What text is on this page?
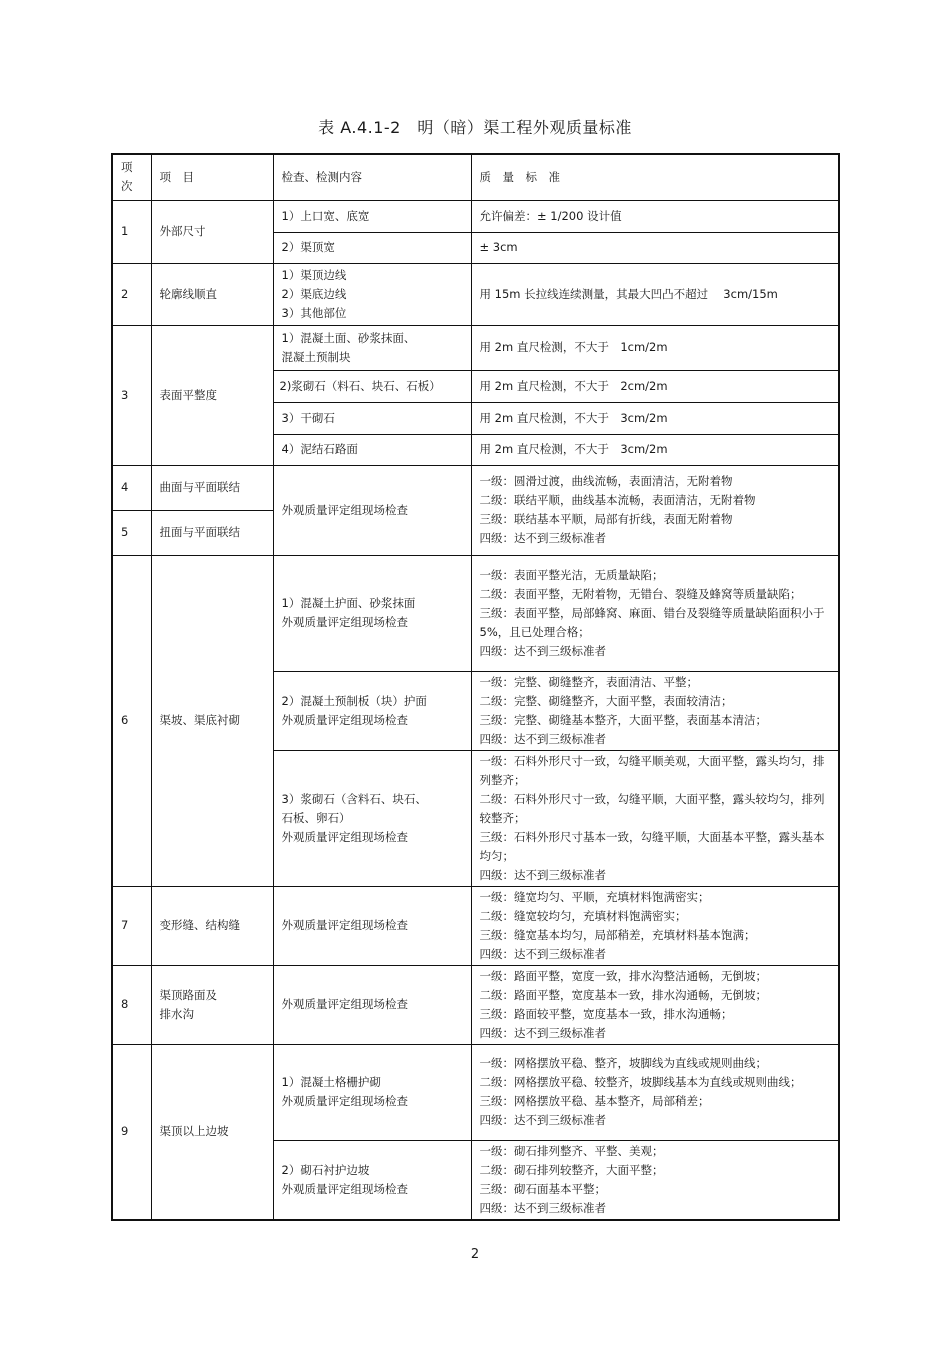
表 A.4.1-2　明（暗）渠工程外观质量标准
项
次	项　目	检查、检测内容	质　量　标　准
1	外部尺寸	1）上口宽、底宽	允许偏差：± 1/200 设计值
		2）渠顶宽	± 3cm
2	轮廓线顺直	1）渠顶边线
2）渠底边线
3）其他部位	用 15m 长拉线连续测量，其最大凹凸不超过　 3cm/15m
3	表面平整度	1）混凝土面、砂浆抹面、
混凝土预制块	用 2m 直尺检测，不大于　1cm/2m
		2)浆砌石（料石、块石、石板）	用 2m 直尺检测，不大于　2cm/2m
		3）干砌石	用 2m 直尺检测，不大于　3cm/2m
		4）泥结石路面	用 2m 直尺检测，不大于　3cm/2m
4	曲面与平面联结	外观质量评定组现场检查	一级：圆滑过渡，曲线流畅，表面清洁，无附着物
二级：联结平顺，曲线基本流畅，表面清洁，无附着物
三级：联结基本平顺，局部有折线，表面无附着物
四级：达不到三级标准者
5	扭面与平面联结		
6	渠坡、渠底衬砌	1）混凝土护面、砂浆抹面
外观质量评定组现场检查	一级：表面平整光洁，无质量缺陷；
二级：表面平整，无附着物，无错台、裂缝及蜂窝等质量缺陷；
三级：表面平整，局部蜂窝、麻面、错台及裂缝等质量缺陷面积小于　5%，且已处理合格；
四级：达不到三级标准者
		2）混凝土预制板（块）护面
外观质量评定组现场检查	一级：完整、砌缝整齐，表面清洁、平整；
二级：完整、砌缝整齐，大面平整，表面较清洁；
三级：完整、砌缝基本整齐，大面平整，表面基本清洁；
四级：达不到三级标准者
		3）浆砌石（含料石、块石、
石板、卵石）
外观质量评定组现场检查	一级：石料外形尺寸一致，勾缝平顺美观，大面平整，露头均匀，排列整齐；
二级：石料外形尺寸一致，勾缝平顺，大面平整，露头较均匀，排列较整齐；
三级：石料外形尺寸基本一致，勾缝平顺，大面基本平整，露头基本均匀；
四级：达不到三级标准者
7	变形缝、结构缝	外观质量评定组现场检查	一级：缝宽均匀、平顺，充填材料饱满密实；
二级：缝宽较均匀，充填材料饱满密实；
三级：缝宽基本均匀，局部稍差，充填材料基本饱满；
四级：达不到三级标准者
8	渠顶路面及
排水沟	外观质量评定组现场检查	一级：路面平整，宽度一致，排水沟整洁通畅，无倒坡；
二级：路面平整，宽度基本一致，排水沟通畅，无倒坡；
三级：路面较平整，宽度基本一致，排水沟通畅；
四级：达不到三级标准者
9	渠顶以上边坡	1）混凝土格栅护砌
外观质量评定组现场检查	一级：网格摆放平稳、整齐，坡脚线为直线或规则曲线；
二级：网格摆放平稳、较整齐，坡脚线基本为直线或规则曲线；
三级：网格摆放平稳、基本整齐，局部稍差；
四级：达不到三级标准者
		2）砌石衬护边坡
外观质量评定组现场检查	一级：砌石排列整齐、平整、美观；
二级：砌石排列较整齐，大面平整；
三级：砌石面基本平整；
四级：达不到三级标准者
2
